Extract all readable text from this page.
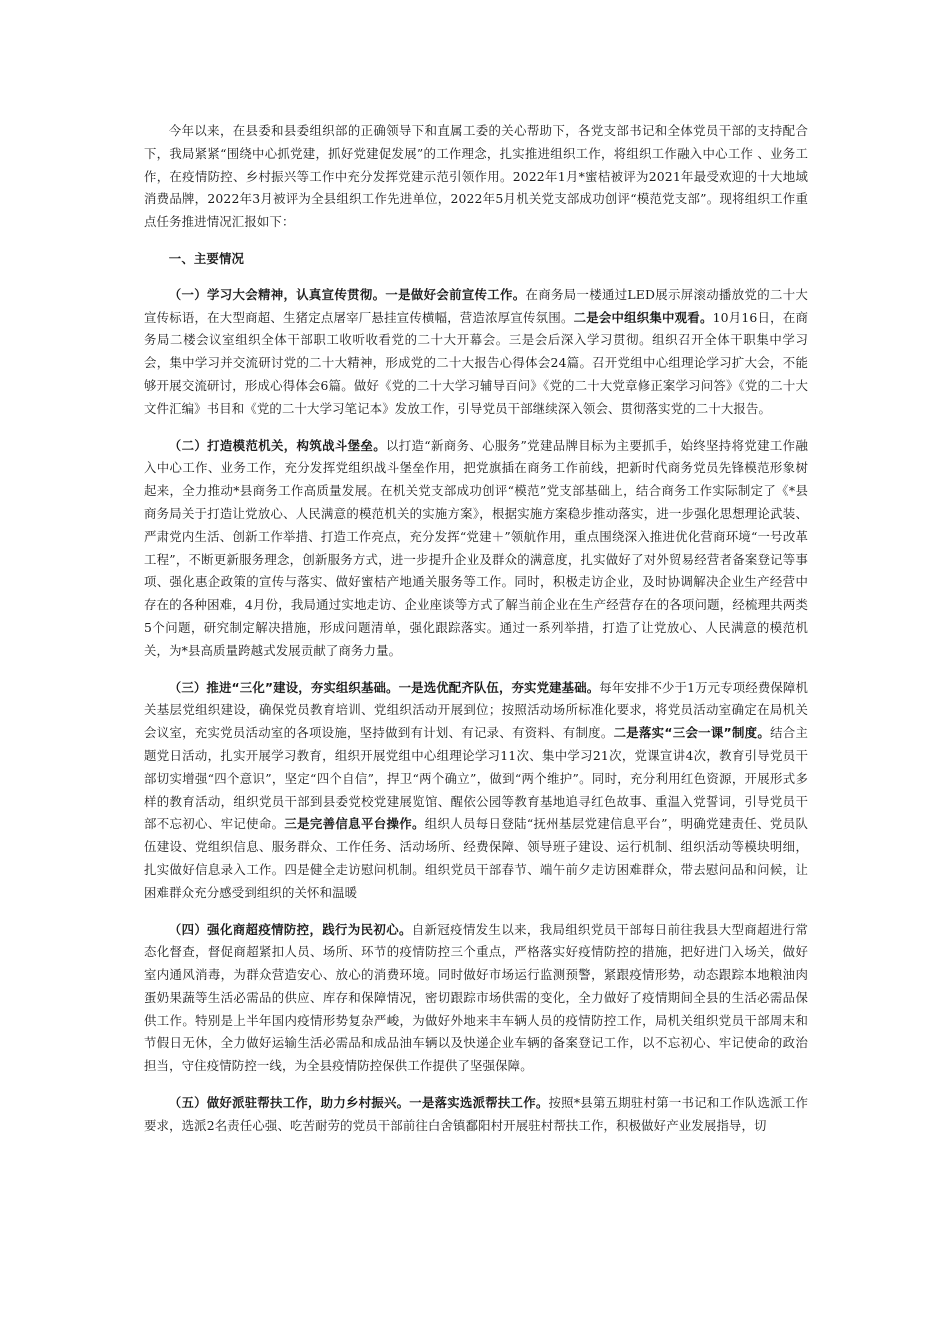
今年以来，在县委和县委组织部的正确领导下和直属工委的关心帮助下，各党支部书记和全体党员干部的支持配合下，我局紧紧“围绕中心抓党建，抓好党建促发展”的工作理念，扎实推进组织工作，将组织工作融入中心工作 、业务工作，在疫情防控、乡村振兴等工作中充分发挥党建示范引领作用。2022年1月*蜜桔被评为2021年最受欢迎的十大地域消费品牌，2022年3月被评为全县组织工作先进单位，2022年5月机关党支部成功创评“模范党支部”。现将组织工作重点任务推进情况汇报如下：

一、主要情况

（一）学习大会精神，认真宣传贯彻。一是做好会前宣传工作。在商务局一楼通过LED展示屏滚动播放党的二十大宣传标语，在大型商超、生猪定点屠宰厂悬挂宣传横幅，营造浓厚宣传氛围。二是会中组织集中观看。10月16日，在商务局二楼会议室组织全体干部职工收听收看党的二十大开幕会。三是会后深入学习贯彻。组织召开全体干职集中学习会，集中学习并交流研讨党的二十大精神，形成党的二十大报告心得体会24篇。召开党组中心组理论学习扩大会，不能够开展交流研讨，形成心得体会6篇。做好《党的二十大学习辅导百问》《党的二十大党章修正案学习问答》《党的二十大文件汇编》书目和《党的二十大学习笔记本》发放工作，引导党员干部继续深入领会、贯彻落实党的二十大报告。

（二）打造模范机关，构筑战斗堡垒。以打造“新商务、心服务”党建品牌目标为主要抓手，始终坚持将党建工作融入中心工作、业务工作，充分发挥党组织战斗堡垒作用，把党旗插在商务工作前线，把新时代商务党员先锋模范形象树起来，全力推动*县商务工作高质量发展。在机关党支部成功创评“模范”党支部基础上，结合商务工作实际制定了《*县商务局关于打造让党放心、人民满意的模范机关的实施方案》，根据实施方案稳步推动落实，进一步强化思想理论武装、严肃党内生活、创新工作举措、打造工作亮点，充分发挥“党建＋”领航作用，重点围绕深入推进优化营商环境“一号改革工程”，不断更新服务理念，创新服务方式，进一步提升企业及群众的满意度，扎实做好了对外贸易经营者备案登记等事项、强化惠企政策的宣传与落实、做好蜜桔产地通关服务等工作。同时，积极走访企业，及时协调解决企业生产经营中存在的各种困难，4月份，我局通过实地走访、企业座谈等方式了解当前企业在生产经营存在的各项问题，经梳理共两类5个问题，研究制定解决措施，形成问题清单，强化跟踪落实。通过一系列举措，打造了让党放心、人民满意的模范机关，为*县高质量跨越式发展贡献了商务力量。

（三）推进“三化”建设，夯实组织基础。一是选优配齐队伍，夯实党建基础。每年安排不少于1万元专项经费保障机关基层党组织建设，确保党员教育培训、党组织活动开展到位；按照活动场所标准化要求，将党员活动室确定在局机关会议室，充实党员活动室的各项设施，坚持做到有计划、有记录、有资料、有制度。二是落实“三会一课”制度。结合主题党日活动，扎实开展学习教育，组织开展党组中心组理论学习11次、集中学习21次，党课宣讲4次，教育引导党员干部切实增强“四个意识”，坚定“四个自信”，捍卫“两个确立”，做到“两个维护”。同时，充分利用红色资源，开展形式多样的教育活动，组织党员干部到县委党校党建展览馆、醒依公园等教育基地追寻红色故事、重温入党誓词，引导党员干部不忘初心、牢记使命。三是完善信息平台操作。组织人员每日登陆“抚州基层党建信息平台”，明确党建责任、党员队伍建设、党组织信息、服务群众、工作任务、活动场所、经费保障、领导班子建设、运行机制、组织活动等模块明细，扎实做好信息录入工作。四是健全走访慰问机制。组织党员干部春节、端午前夕走访困难群众，带去慰问品和问候，让困难群众充分感受到组织的关怀和温暖

（四）强化商超疫情防控，践行为民初心。自新冠疫情发生以来，我局组织党员干部每日前往我县大型商超进行常态化督查，督促商超紧扣人员、场所、环节的疫情防控三个重点，严格落实好疫情防控的措施，把好进门入场关，做好室内通风消毒，为群众营造安心、放心的消费环境。同时做好市场运行监测预警，紧跟疫情形势，动态跟踪本地粮油肉蛋奶果蔬等生活必需品的供应、库存和保障情况，密切跟踪市场供需的变化，全力做好了疫情期间全县的生活必需品保供工作。特别是上半年国内疫情形势复杂严峻，为做好外地来丰车辆人员的疫情防控工作，局机关组织党员干部周末和节假日无休，全力做好运输生活必需品和成品油车辆以及快递企业车辆的备案登记工作，以不忘初心、牢记使命的政治担当，守住疫情防控一线，为全县疫情防控保供工作提供了坚强保障。

（五）做好派驻帮扶工作，助力乡村振兴。一是落实选派帮扶工作。按照*县第五期驻村第一书记和工作队选派工作要求，选派2名责任心强、吃苦耐劳的党员干部前往白舍镇鄱阳村开展驻村帮扶工作，积极做好产业发展指导，切
